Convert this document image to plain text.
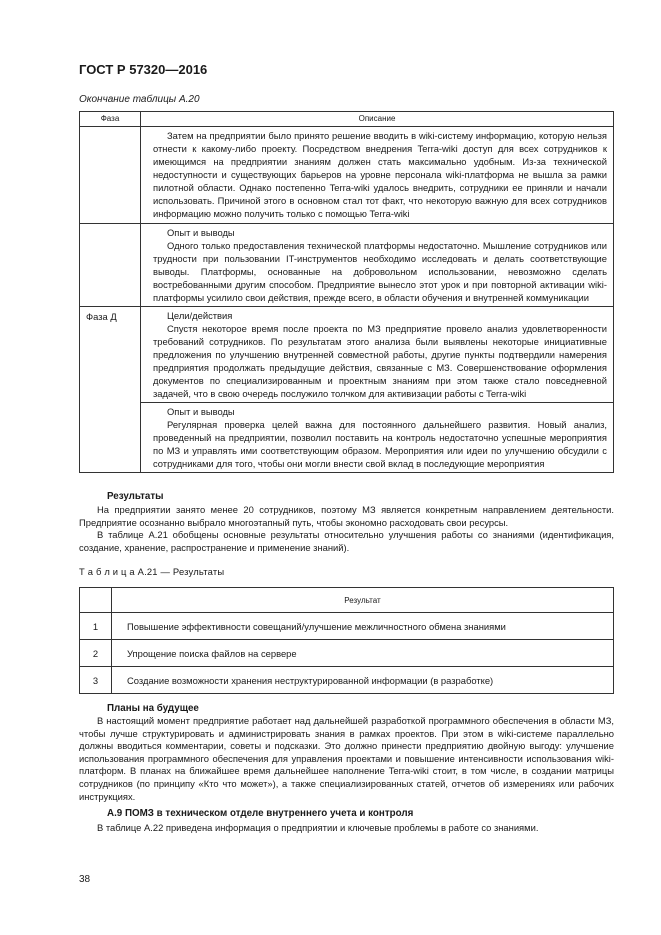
ГОСТ Р 57320—2016
Окончание таблицы А.20
Фаза	Описание

	Затем на предприятии было принято решение вводить в wiki-систему информацию, которую нельзя отнести к какому-либо проекту. Посредством внедрения Terra-wiki доступ для всех сотрудников к имеющимся на предприятии знаниям должен стать максимально удобным. Из-за технической недоступности и существующих барьеров на уровне персонала wiki-платформа не вышла за рамки пилотной области. Однако постепенно Terra-wiki удалось внедрить, сотрудники ее приняли и начали использовать. Причиной этого в основном стал тот факт, что некоторую важную для всех сотрудников информацию можно получить только с помощью Terra-wiki

	Опыт и выводы

Одного только предоставления технической платформы недостаточно. Мышление сотрудников или трудности при пользовании IT-инструментов необходимо исследовать и делать соответствующие выводы. Платформы, основанные на добровольном использовании, невозможно сделать востребованными другим способом. Предприятие вынесло этот урок и при повторной активации wiki-платформы усилило свои действия, прежде всего, в области обучения и внутренней коммуникации

Фаза Д	Цели/действия

Спустя некоторое время после проекта по МЗ предприятие провело анализ удовлетворенности требований сотрудников. По результатам этого анализа были выявлены некоторые инициативные предложения по улучшению внутренней совместной работы, другие пункты подтвердили намерения предприятия продолжать предыдущие действия, связанные с МЗ. Совершенствование оформления документов по специализированным и проектным знаниям при этом также стало повседневной задачей, что в свою очередь послужило толчком для активизации работы с Terra-wiki

	Опыт и выводы

Регулярная проверка целей важна для постоянного дальнейшего развития. Новый анализ, проведенный на предприятии, позволил поставить на контроль недостаточно успешные мероприятия по МЗ и управлять ими соответствующим образом. Мероприятия или идеи по улучшению обсудили с сотрудниками для того, чтобы они могли внести свой вклад в последующие мероприятия

Результаты

На предприятии занято менее 20 сотрудников, поэтому МЗ является конкретным направлением деятельности. Предприятие осознанно выбрало многоэтапный путь, чтобы экономно расходовать свои ресурсы.

В таблице А.21 обобщены основные результаты относительно улучшения работы со знаниями (идентификация, создание, хранение, распространение и применение знаний).

Т а б л и ц а А.21 — Результаты
	Результат
1	Повышение эффективности совещаний/улучшение межличностного обмена знаниями
2	Упрощение поиска файлов на сервере
3	Создание возможности хранения неструктурированной информации (в разработке)
Планы на будущее

В настоящий момент предприятие работает над дальнейшей разработкой программного обеспечения в области МЗ, чтобы лучше структурировать и администрировать знания в рамках проектов. При этом в wiki-системе параллельно должны вводиться комментарии, советы и подсказки. Это должно принести предприятию двойную выгоду: улучшение использования программного обеспечения для управления проектами и повышение интенсивности использования wiki-платформ. В планах на ближайшее время дальнейшее наполнение Terra-wiki стоит, в том числе, в создании матрицы сотрудников (по принципу «Кто что может»), а также специализированных статей, отчетов об измерениях или рабочих инструкциях.

А.9 ПОМЗ в техническом отделе внутреннего учета и контроля

В таблице А.22 приведена информация о предприятии и ключевые проблемы в работе со знаниями.

38
